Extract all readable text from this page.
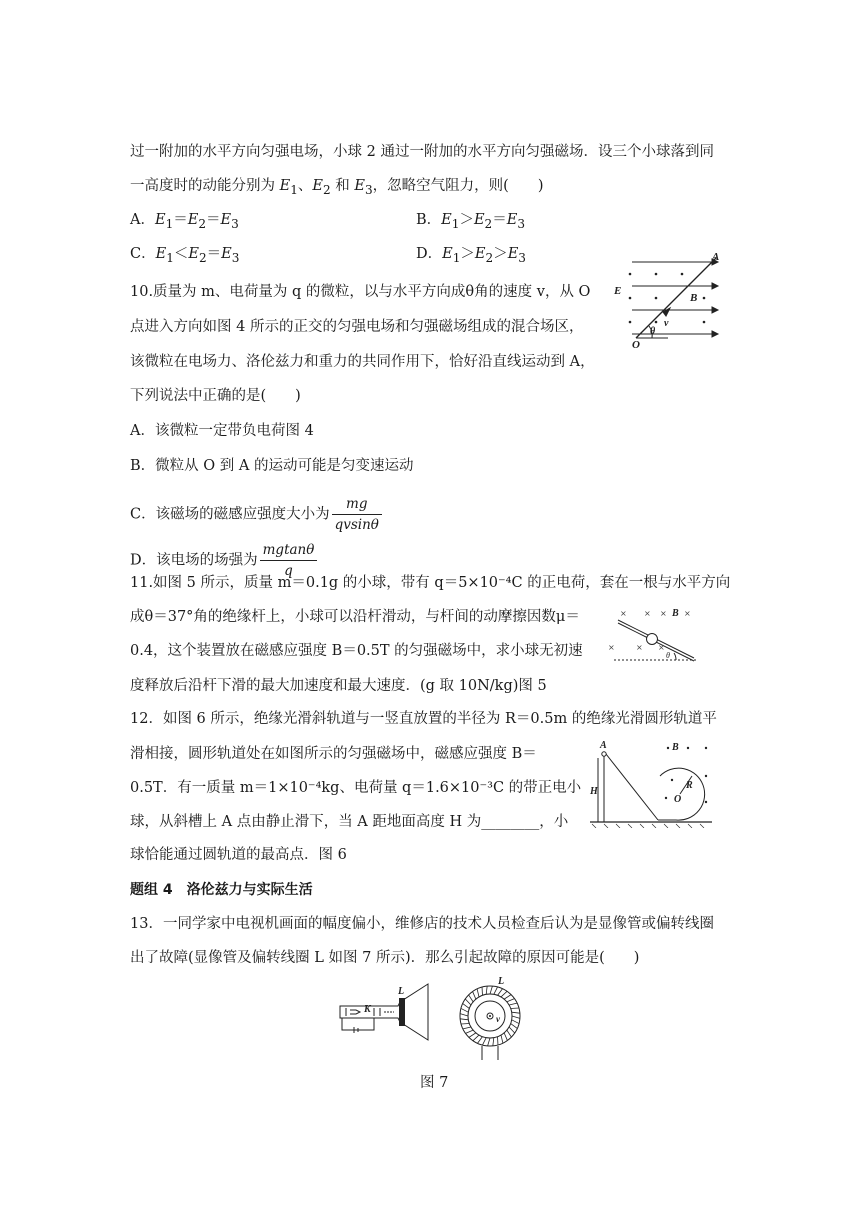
过一附加的水平方向匀强电场，小球 2 通过一附加的水平方向匀强磁场．设三个小球落到同
一高度时的动能分别为 $E_1$、$E_2$ 和 $E_3$，忽略空气阻力，则(　　)
A．$E_1=E_2=E_3$	B．$E_1>E_2=E_3$
C．$E_1<E_2=E_3$	D．$E_1>E_2>E_3$
10.质量为 m、电荷量为 q 的微粒，以与水平方向成θ角的速度 v，从 O
点进入方向如图 4 所示的正交的匀强电场和匀强磁场组成的混合场区，
该微粒在电场力、洛伦兹力和重力的共同作用下，恰好沿直线运动到 A，
下列说法中正确的是(　　)
A．该微粒一定带负电荷图 4
B．微粒从 O 到 A 的运动可能是匀变速运动
C．该磁场的磁感应强度大小为 $\frac{mg}{qvsin\theta}$
D．该电场的场强为 $\frac{mgtan\theta}{q}$
A
E
B
v
θ
O
11.如图 5 所示，质量 m＝0.1g 的小球，带有 q＝5×10⁻⁴C 的正电荷，套在一根与水平方向
成θ＝37°角的绝缘杆上，小球可以沿杆滑动，与杆间的动摩擦因数μ＝
0.4，这个装置放在磁感应强度 B＝0.5T 的匀强磁场中，求小球无初速
度释放后沿杆下滑的最大加速度和最大速度．(g 取 10N/kg)图 5
× × × ×
×	× ×
B
θ
12．如图 6 所示，绝缘光滑斜轨道与一竖直放置的半径为 R＝0.5m 的绝缘光滑圆形轨道平
滑相接，圆形轨道处在如图所示的匀强磁场中，磁感应强度 B＝
0.5T．有一质量 m＝1×10⁻⁴kg、电荷量 q＝1.6×10⁻³C 的带正电小
球，从斜槽上 A 点由静止滑下，当 A 距地面高度 H 为________，小
球恰能通过圆轨道的最高点．图 6
A	B
R
O
H
题组 4　洛伦兹力与实际生活
13．一同学家中电视机画面的幅度偏小，维修店的技术人员检查后认为是显像管或偏转线圈
出了故障(显像管及偏转线圈 L 如图 7 所示)．那么引起故障的原因可能是(　　)
K
L
L
v
图 7
